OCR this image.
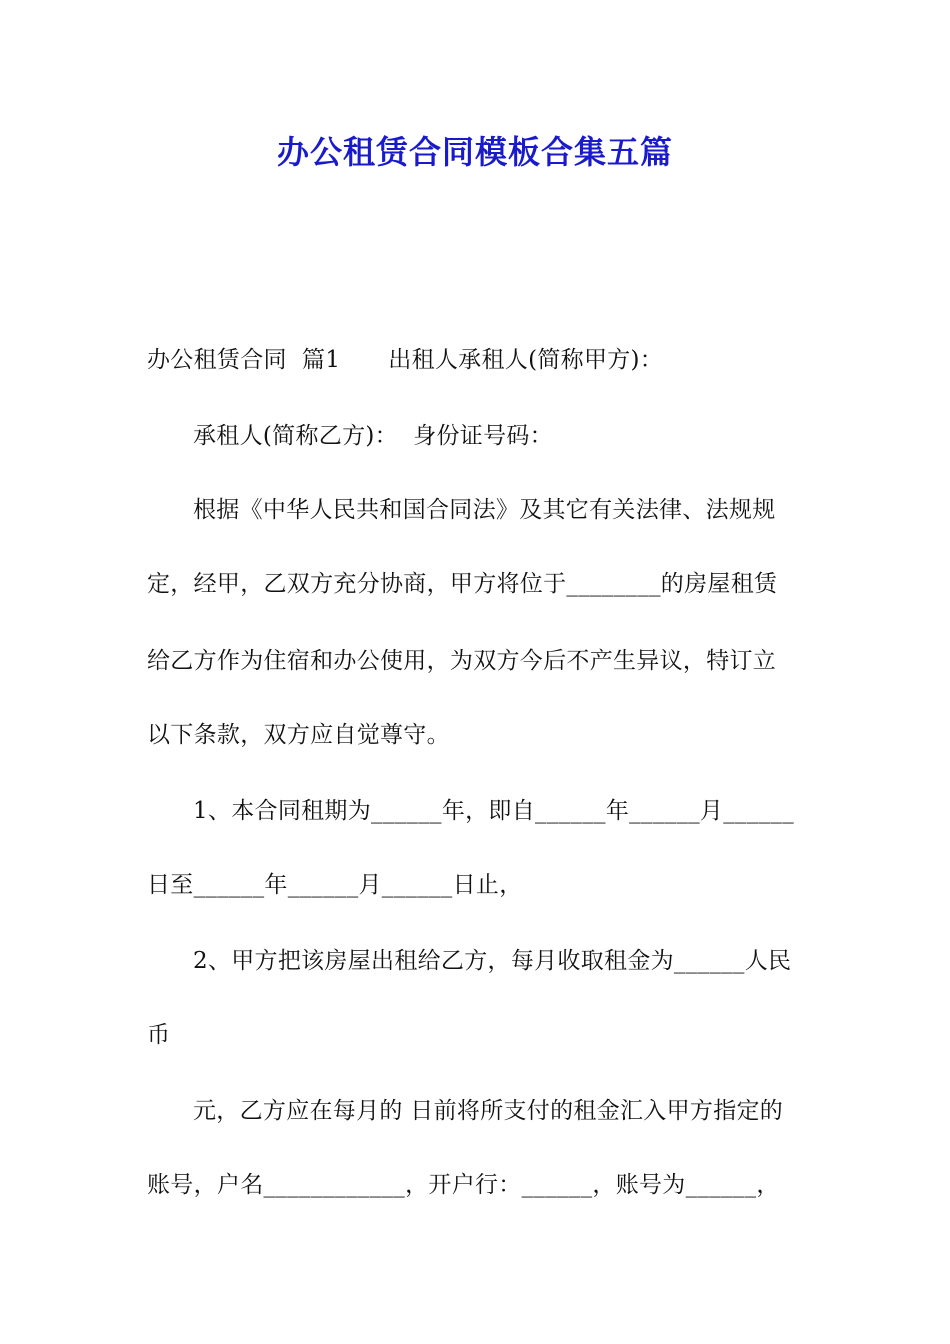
办公租赁合同模板合集五篇
办公租赁合同  篇1 出租人承租人(简称甲方)：
承租人(简称乙方)：  身份证号码：
根据《中华人民共和国合同法》及其它有关法律、法规规
定，经甲，乙双方充分协商，甲方将位于________的房屋租赁
给乙方作为住宿和办公使用，为双方今后不产生异议，特订立
以下条款，双方应自觉尊守。
1、本合同租期为______年，即自______年______月______
日至______年______月______日止，
2、甲方把该房屋出租给乙方，每月收取租金为______人民
币
元，乙方应在每月的 日前将所支付的租金汇入甲方指定的
账号，户名____________，开户行：______，账号为______，
